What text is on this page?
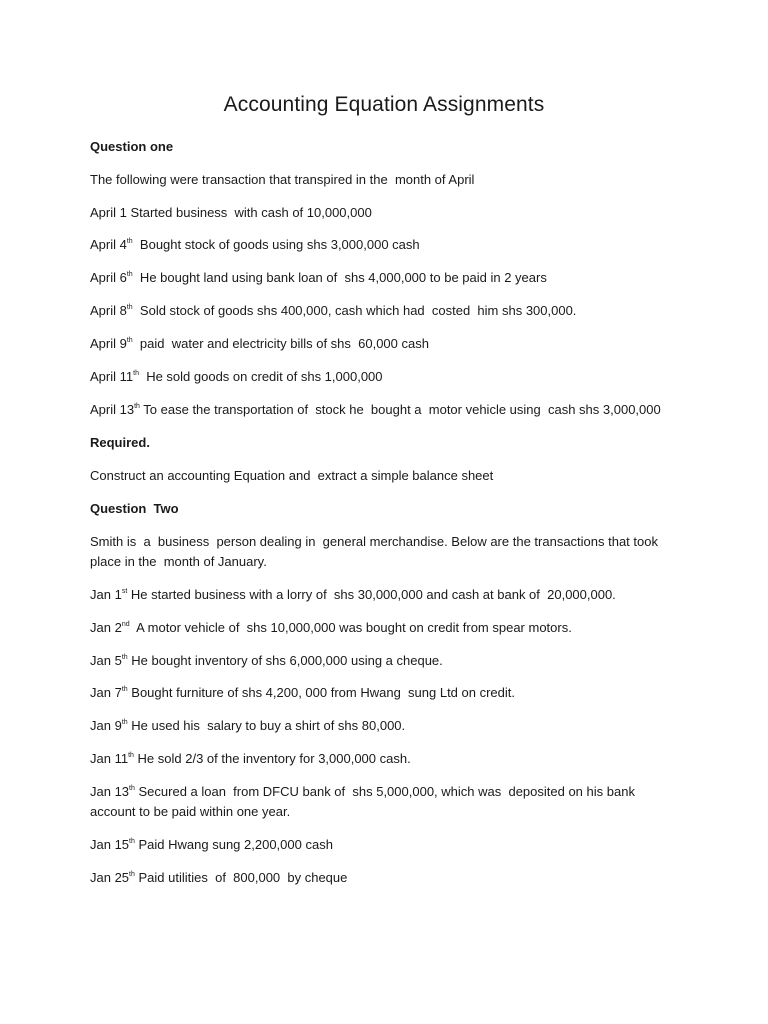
Accounting Equation Assignments

Question one

The following were transaction that transpired in the  month of April

April 1 Started business  with cash of 10,000,000

April 4th  Bought stock of goods using shs 3,000,000 cash

April 6th  He bought land using bank loan of  shs 4,000,000 to be paid in 2 years

April 8th  Sold stock of goods shs 400,000, cash which had  costed  him shs 300,000.

April 9th  paid  water and electricity bills of shs  60,000 cash

April 11th  He sold goods on credit of shs 1,000,000

April 13th To ease the transportation of  stock he  bought a  motor vehicle using  cash shs 3,000,000

Required.

Construct an accounting Equation and  extract a simple balance sheet

Question  Two

Smith is  a  business  person dealing in  general merchandise. Below are the transactions that took place in the  month of January.

Jan 1st He started business with a lorry of  shs 30,000,000 and cash at bank of  20,000,000.

Jan 2nd  A motor vehicle of  shs 10,000,000 was bought on credit from spear motors.

Jan 5th He bought inventory of shs 6,000,000 using a cheque.

Jan 7th Bought furniture of shs 4,200, 000 from Hwang  sung Ltd on credit.

Jan 9th He used his  salary to buy a shirt of shs 80,000.

Jan 11th He sold 2/3 of the inventory for 3,000,000 cash.

Jan 13th Secured a loan  from DFCU bank of  shs 5,000,000, which was  deposited on his bank account to be paid within one year.

Jan 15th Paid Hwang sung 2,200,000 cash

Jan 25th Paid utilities  of  800,000  by cheque
